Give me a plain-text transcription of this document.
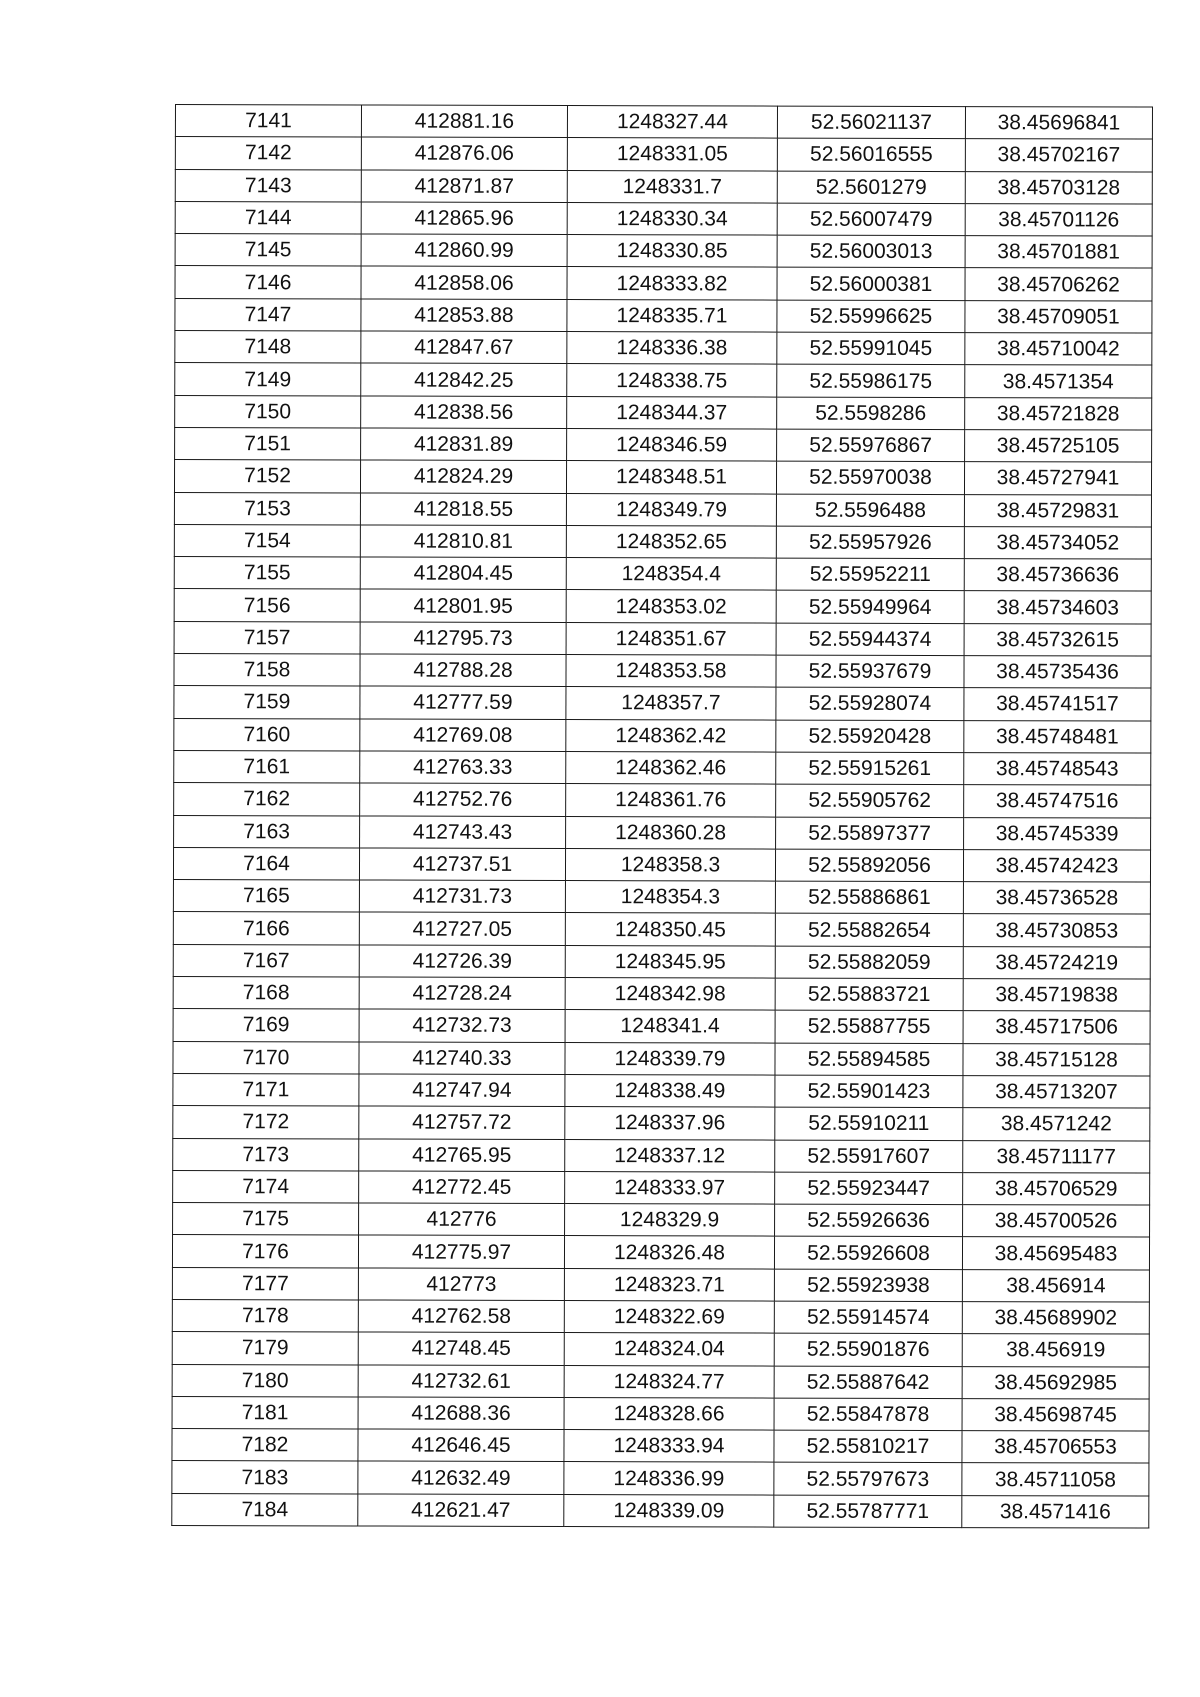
7141	412881.16	1248327.44	52.56021137	38.45696841
7142	412876.06	1248331.05	52.56016555	38.45702167
7143	412871.87	1248331.7	52.5601279	38.45703128
7144	412865.96	1248330.34	52.56007479	38.45701126
7145	412860.99	1248330.85	52.56003013	38.45701881
7146	412858.06	1248333.82	52.56000381	38.45706262
7147	412853.88	1248335.71	52.55996625	38.45709051
7148	412847.67	1248336.38	52.55991045	38.45710042
7149	412842.25	1248338.75	52.55986175	38.4571354
7150	412838.56	1248344.37	52.5598286	38.45721828
7151	412831.89	1248346.59	52.55976867	38.45725105
7152	412824.29	1248348.51	52.55970038	38.45727941
7153	412818.55	1248349.79	52.5596488	38.45729831
7154	412810.81	1248352.65	52.55957926	38.45734052
7155	412804.45	1248354.4	52.55952211	38.45736636
7156	412801.95	1248353.02	52.55949964	38.45734603
7157	412795.73	1248351.67	52.55944374	38.45732615
7158	412788.28	1248353.58	52.55937679	38.45735436
7159	412777.59	1248357.7	52.55928074	38.45741517
7160	412769.08	1248362.42	52.55920428	38.45748481
7161	412763.33	1248362.46	52.55915261	38.45748543
7162	412752.76	1248361.76	52.55905762	38.45747516
7163	412743.43	1248360.28	52.55897377	38.45745339
7164	412737.51	1248358.3	52.55892056	38.45742423
7165	412731.73	1248354.3	52.55886861	38.45736528
7166	412727.05	1248350.45	52.55882654	38.45730853
7167	412726.39	1248345.95	52.55882059	38.45724219
7168	412728.24	1248342.98	52.55883721	38.45719838
7169	412732.73	1248341.4	52.55887755	38.45717506
7170	412740.33	1248339.79	52.55894585	38.45715128
7171	412747.94	1248338.49	52.55901423	38.45713207
7172	412757.72	1248337.96	52.55910211	38.4571242
7173	412765.95	1248337.12	52.55917607	38.45711177
7174	412772.45	1248333.97	52.55923447	38.45706529
7175	412776	1248329.9	52.55926636	38.45700526
7176	412775.97	1248326.48	52.55926608	38.45695483
7177	412773	1248323.71	52.55923938	38.456914
7178	412762.58	1248322.69	52.55914574	38.45689902
7179	412748.45	1248324.04	52.55901876	38.456919
7180	412732.61	1248324.77	52.55887642	38.45692985
7181	412688.36	1248328.66	52.55847878	38.45698745
7182	412646.45	1248333.94	52.55810217	38.45706553
7183	412632.49	1248336.99	52.55797673	38.45711058
7184	412621.47	1248339.09	52.55787771	38.4571416
